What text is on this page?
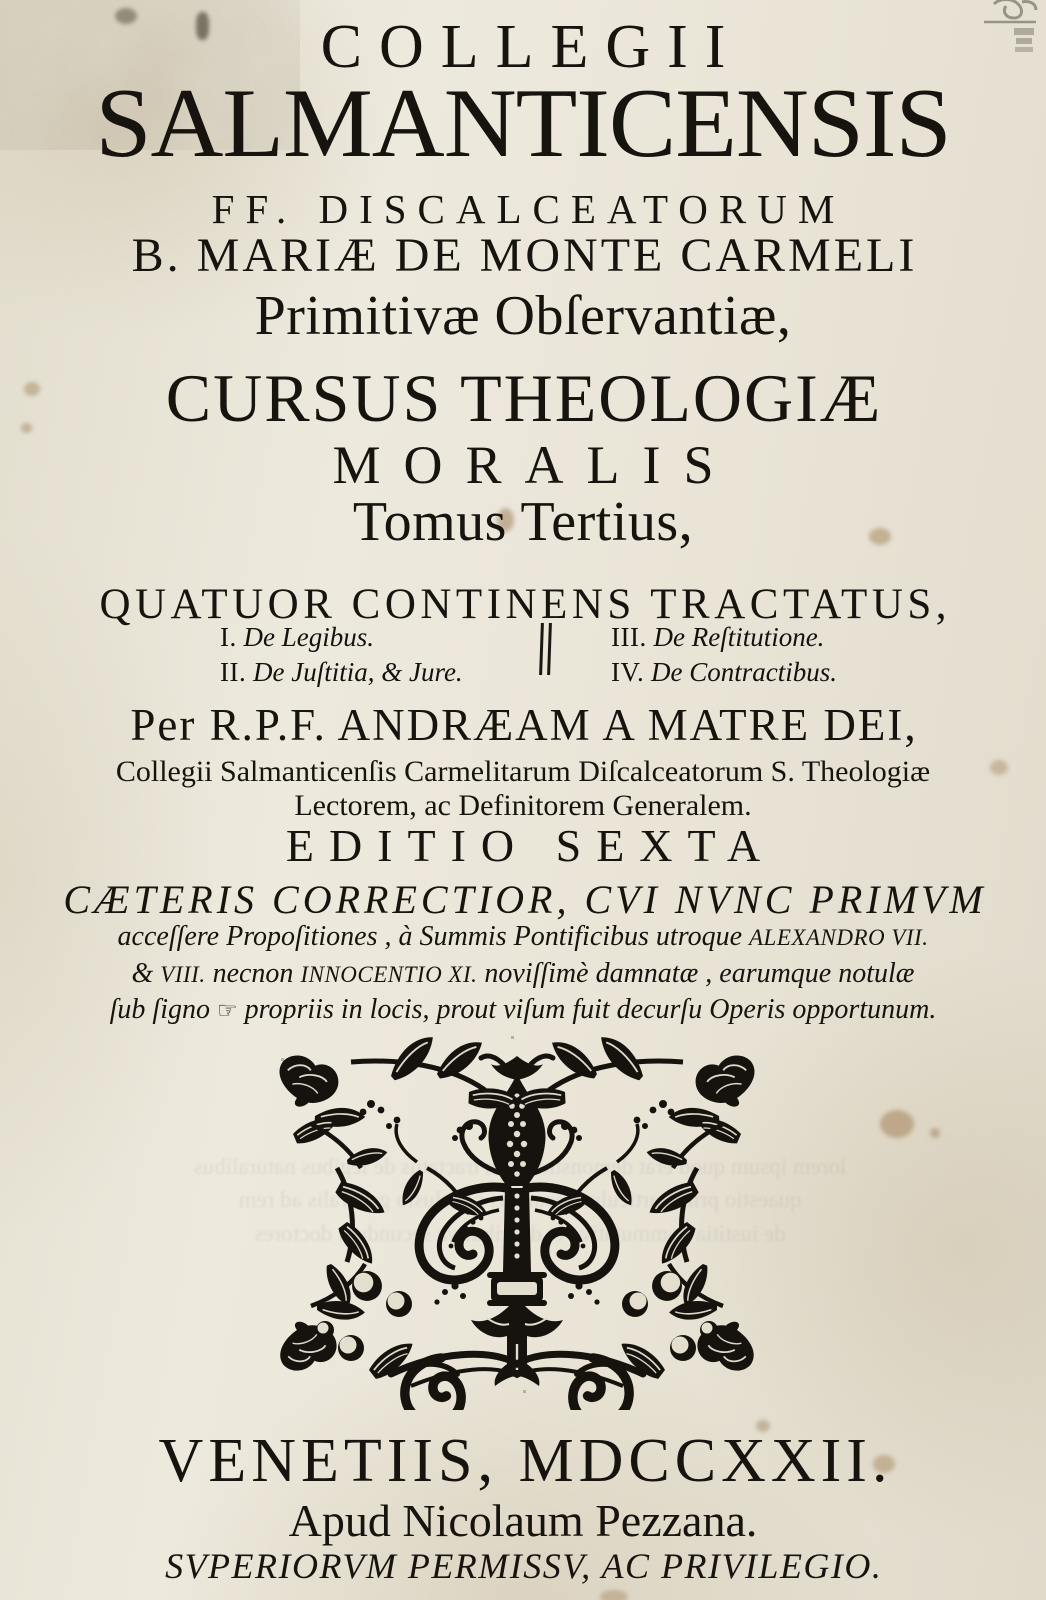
lorem ipsum quod erat demonstrandum tractatus de legibus naturalibus
quaestio prima articulus secundus conclusio ad rem
de iustitia commutativa et distributiva secundum doctores
COLLEGII
SALMANTICENSIS
FF. DISCALCEATORUM
B. MARIÆ DE MONTE CARMELI
Primitivæ Obſervantiæ,
CURSUS THEOLOGIÆ
MORALIS
Tomus Tertius,
QUATUOR CONTINENS TRACTATUS,
I. De Legibus.
II. De Juſtitia, & Jure.
III. De Reſtitutione.
IV. De Contractibus.
Per R.P.F. ANDRÆAM A MATRE DEI,
Collegii Salmanticenſis Carmelitarum Diſcalceatorum S. Theologiæ
Lectorem, ac Definitorem Generalem.
EDITIO SEXTA
CÆTERIS CORRECTIOR, CVI NVNC PRIMVM
acceſſere Propoſitiones , à Summis Pontificibus utroque ALEXANDRO VII.
& VIII. necnon INNOCENTIO XI. noviſſimè damnatæ , earumque notulæ
ſub ſigno ☞ propriis in locis, prout viſum fuit decurſu Operis opportunum.
VENETIIS, MDCCXXII.
Apud Nicolaum Pezzana.
SVPERIORVM PERMISSV, AC PRIVILEGIO.
